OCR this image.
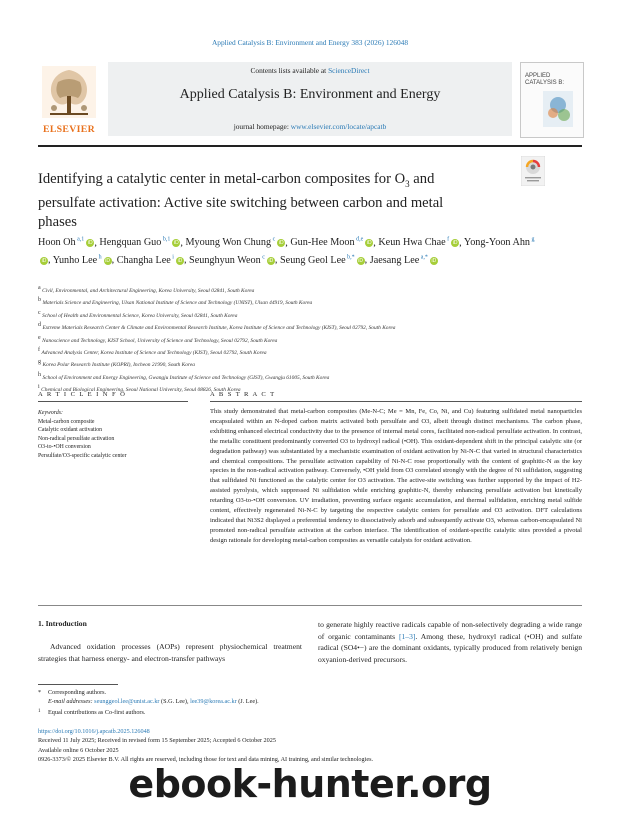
Applied Catalysis B: Environment and Energy 383 (2026) 126048
ELSEVIER
Contents lists available at ScienceDirect
Applied Catalysis B: Environment and Energy
journal homepage: www.elsevier.com/locate/apcatb
APPLIED CATALYSIS B:
Identifying a catalytic center in metal-carbon composites for $O_3$ and persulfate activation: Active site switching between carbon and metal phases
Hoon Oh $^{a,1}$iD , Hengquan Guo $^{b,1}$iD , Myoung Won Chung $^c$iD , Gun-Hee Moon $^{d,e}$iD , Keun Hwa Chae $^f$iD , Yong-Yoon Ahn $^g$iD , Yunho Lee $^h$iD , Changha Lee $^i$iD , Seunghyun Weon $^c$iD , Seung Geol Lee $^{b,*}$iD , Jaesang Lee $^{a,*}$iD
$^a$ Civil, Environmental, and Architectural Engineering, Korea University, Seoul 02841, South Korea
$^b$ Materials Science and Engineering, Ulsan National Institute of Science and Technology (UNIST), Ulsan 44919, South Korea
$^c$ School of Health and Environmental Science, Korea University, Seoul 02841, South Korea
$^d$ Extreme Materials Research Center & Climate and Environmental Research Institute, Korea Institute of Science and Technology (KIST), Seoul 02792, South Korea
$^e$ Nanoscience and Technology, KIST School, University of Science and Technology, Seoul 02792, South Korea
$^f$ Advanced Analysis Center, Korea Institute of Science and Technology (KIST), Seoul 02792, South Korea
$^g$ Korea Polar Research Institute (KOPRI), Incheon 21990, South Korea
$^h$ School of Environment and Energy Engineering, Gwangju Institute of Science and Technology (GIST), Gwangju 61005, South Korea
$^i$ Chemical and Biological Engineering, Seoul National University, Seoul 08826, South Korea
A R T I C L E I N F O	A B S T R A C T
Keywords:
Metal-carbon composite
Catalytic oxidant activation
Non-radical persulfate activation
O3-to-•OH conversion
Persulfate/O3-specific catalytic center
This study demonstrated that metal-carbon composites (Me-N-C; Me = Mn, Fe, Co, Ni, and Cu) featuring sulfidated metal nanoparticles encapsulated within an N-doped carbon matrix activated both persulfate and O3, albeit through distinct mechanisms. The carbon phase, exhibiting enhanced electrical conductivity due to the presence of internal metal cores, facilitated non-radical persulfate activation. In contrast, the metallic constituent predominantly converted O3 to hydroxyl radical (•OH). This oxidant-dependent shift in the principal catalytic site (or degradation pathway) was substantiated by a mechanistic examination of oxidant activation by Ni-N-C that varied in structural characteristics and chemical compositions. The persulfate activation capability of Ni-N-C rose proportionally with the content of graphitic-N as the key species in the non-radical activation pathway. Conversely, •OH yield from O3 correlated strongly with the degree of Ni sulfidation, suggesting that sulfidated Ni functioned as the catalytic center for O3 activation. The active-site switching was further supported by the impact of H2-assisted pyrolysis, which suppressed Ni sulfidation while enriching graphitic-N, thereby enhancing persulfate activation but kinetically retarding O3-to-•OH conversion. UV irradiation, preventing surface organic accumulation, and thermal sulfidation, enriching metal sulfide content, effectively regenerated Ni-N-C by targeting the respective catalytic centers for persulfate and O3 activation. DFT calculations indicated that Ni3S2 displayed a preferential tendency to dissociatively adsorb and subsequently activate O3, whereas carbon-encapsulated Ni promoted non-radical persulfate activation at the carbon interface. The identification of oxidant-specific catalytic sites provided a pivotal design rationale for developing metal-carbon composites as versatile catalysts for oxidant activation.
1. Introduction
Advanced oxidation processes (AOPs) represent physiochemical treatment strategies that harness energy- and electron-transfer pathways
to generate highly reactive radicals capable of non-selectively degrading a wide range of organic contaminants [1–3]. Among these, hydroxyl radical (•OH) and sulfate radical (SO4•−) are the dominant oxidants, typically produced from relatively benign oxyanion-derived precursors.
* Corresponding authors.
E-mail addresses: seunggeol.lee@unist.ac.kr (S.G. Lee), lee39@korea.ac.kr (J. Lee).
1 Equal contributions as Co-first authors.
https://doi.org/10.1016/j.apcatb.2025.126048
Received 11 July 2025; Received in revised form 15 September 2025; Accepted 6 October 2025
Available online 6 October 2025
0926-3373/© 2025 Elsevier B.V. All rights are reserved, including those for text and data mining, AI training, and similar technologies.
ebook-hunter.org
